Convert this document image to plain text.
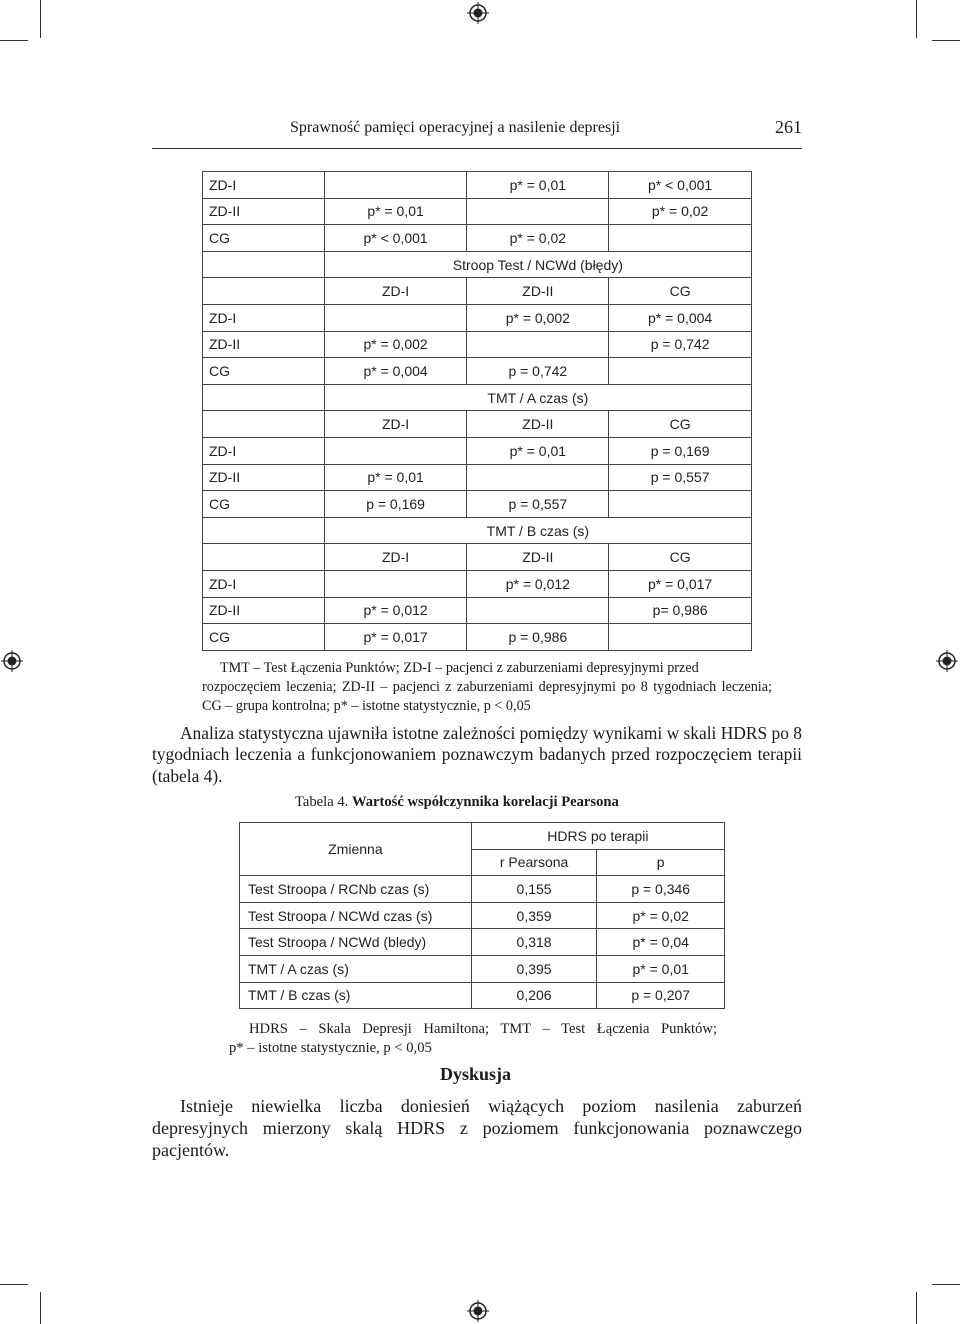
Sprawność pamięci operacyjnej a nasilenie depresji	261
ZD-I		p* = 0,01	p* < 0,001
ZD-II	p* = 0,01		p* = 0,02
CG	p* < 0,001	p* = 0,02	
	Stroop Test / NCWd (błędy)		
	ZD-I	ZD-II	CG
ZD-I		p* = 0,002	p* = 0,004
ZD-II	p* = 0,002		p = 0,742
CG	p* = 0,004	p = 0,742	
	TMT / A czas (s)		
	ZD-I	ZD-II	CG
ZD-I		p* = 0,01	p = 0,169
ZD-II	p* = 0,01		p = 0,557
CG	p = 0,169	p = 0,557	
	TMT / B czas (s)		
	ZD-I	ZD-II	CG
ZD-I		p* = 0,012	p* = 0,017
ZD-II	p* = 0,012		p= 0,986
CG	p* = 0,017	p = 0,986	
TMT – Test Łączenia Punktów; ZD-I – pacjenci z zaburzeniami depresyjnymi przed
rozpoczęciem leczenia; ZD-II – pacjenci z zaburzeniami depresyjnymi po 8 tygodniach leczenia; CG – grupa kontrolna; p* – istotne statystycznie, p < 0,05

Analiza statystyczna ujawniła istotne zależności pomiędzy wynikami w skali HDRS po 8 tygodniach leczenia a funkcjonowaniem poznawczym badanych przed rozpoczęciem terapii (tabela 4).

Tabela 4. Wartość współczynnika korelacji Pearsona
Zmienna	HDRS po terapii	
	r Pearsona	p
Test Stroopa / RCNb czas (s)	0,155	p = 0,346
Test Stroopa / NCWd czas (s)	0,359	p* = 0,02
Test Stroopa / NCWd (bledy)	0,318	p* = 0,04
TMT / A czas (s)	0,395	p* = 0,01
TMT / B czas (s)	0,206	p = 0,207
HDRS – Skala Depresji Hamiltona; TMT – Test Łączenia Punktów;
p* – istotne statystycznie, p < 0,05
Dyskusja

Istnieje niewielka liczba doniesień wiążących poziom nasilenia zaburzeń depresyjnych mierzony skalą HDRS z poziomem funkcjonowania poznawczego pacjentów.
